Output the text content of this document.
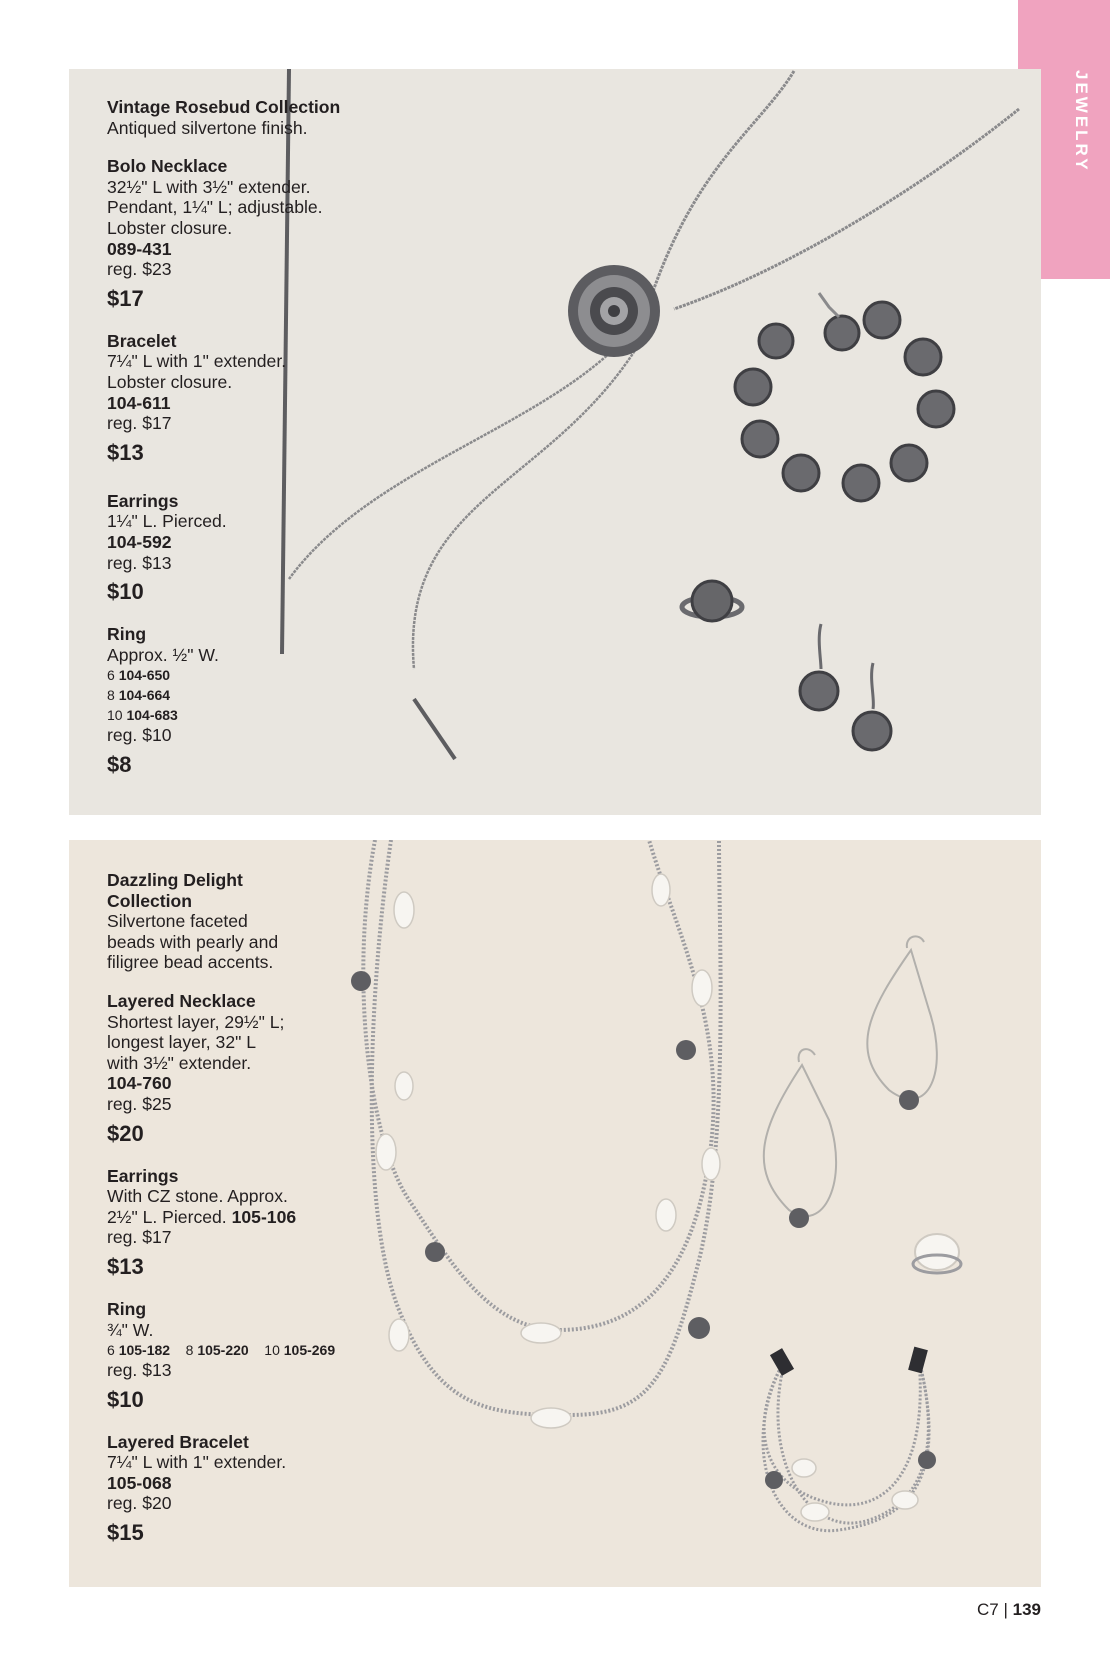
JEWELRY
Vintage Rosebud Collection
Antiqued silvertone finish.
Bolo Necklace
32½" L with 3½" extender.
Pendant, 1¼" L; adjustable.
Lobster closure.
089-431
reg. $23
$17
Bracelet
7¼" L with 1" extender.
Lobster closure.
104-611
reg. $17
$13
Earrings
1¼" L. Pierced.
104-592
reg. $13
$10
Ring
Approx. ½" W.
6 104-650
8 104-664
10 104-683
reg. $10
$8
Dazzling Delight
Collection
Silvertone faceted
beads with pearly and
filigree bead accents.
Layered Necklace
Shortest layer, 29½" L;
longest layer, 32" L
with 3½" extender.
104-760
reg. $25
$20
Earrings
With CZ stone. Approx.
2½" L. Pierced. 105-106
reg. $17
$13
Ring
¾" W.
6 105-182 8 105-220 10 105-269
reg. $13
$10
Layered Bracelet
7¼" L with 1" extender.
105-068
reg. $20
$15
C7 | 139
